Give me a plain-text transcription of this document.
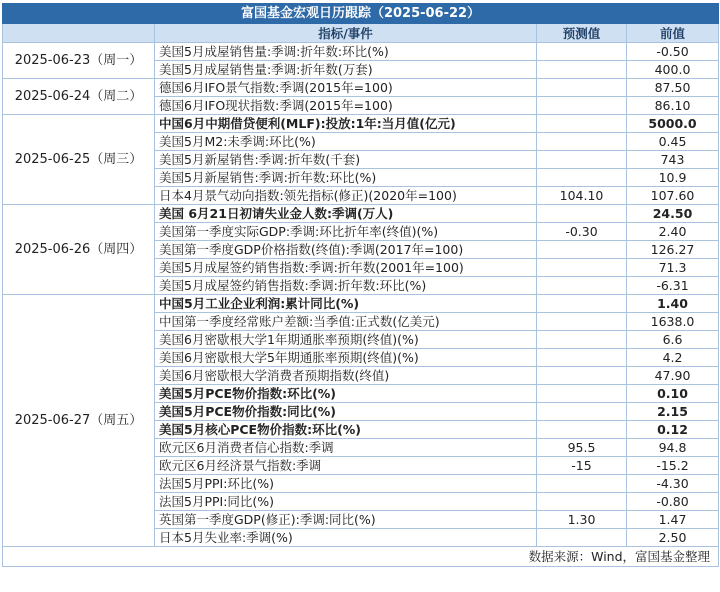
富国基金宏观日历跟踪（2025-06-22）			
	指标/事件	预测值	前值
2025-06-23（周一）	美国5月成屋销售量:季调:折年数:环比(%)		-0.50
	美国5月成屋销售量:季调:折年数(万套)		400.0
2025-06-24（周二）	德国6月IFO景气指数:季调(2015年=100)		87.50
	德国6月IFO现状指数:季调(2015年=100)		86.10
2025-06-25（周三）	中国6月中期借贷便利(MLF):投放:1年:当月值(亿元)		5000.0
	美国5月M2:未季调:环比(%)		0.45
	美国5月新屋销售:季调:折年数(千套)		743
	美国5月新屋销售:季调:折年数:环比(%)		10.9
	日本4月景气动向指数:领先指标(修正)(2020年=100)	104.10	107.60
2025-06-26（周四）	美国 6月21日初请失业金人数:季调(万人)		24.50
	美国第一季度实际GDP:季调:环比折年率(终值)(%)	-0.30	2.40
	美国第一季度GDP价格指数(终值):季调(2017年=100)		126.27
	美国5月成屋签约销售指数:季调:折年数(2001年=100)		71.3
	美国5月成屋签约销售指数:季调:折年数:环比(%)		-6.31
2025-06-27（周五）	中国5月工业企业利润:累计同比(%)		1.40
	中国第一季度经常账户差额:当季值:正式数(亿美元)		1638.0
	美国6月密歇根大学1年期通胀率预期(终值)(%)		6.6
	美国6月密歇根大学5年期通胀率预期(终值)(%)		4.2
	美国6月密歇根大学消费者预期指数(终值)		47.90
	美国5月PCE物价指数:环比(%)		0.10
	美国5月PCE物价指数:同比(%)		2.15
	美国5月核心PCE物价指数:环比(%)		0.12
	欧元区6月消费者信心指数:季调	95.5	94.8
	欧元区6月经济景气指数:季调	-15	-15.2
	法国5月PPI:环比(%)		-4.30
	法国5月PPI:同比(%)		-0.80
	英国第一季度GDP(修正):季调:同比(%)	1.30	1.47
	日本5月失业率:季调(%)		2.50
数据来源：Wind，富国基金整理			
